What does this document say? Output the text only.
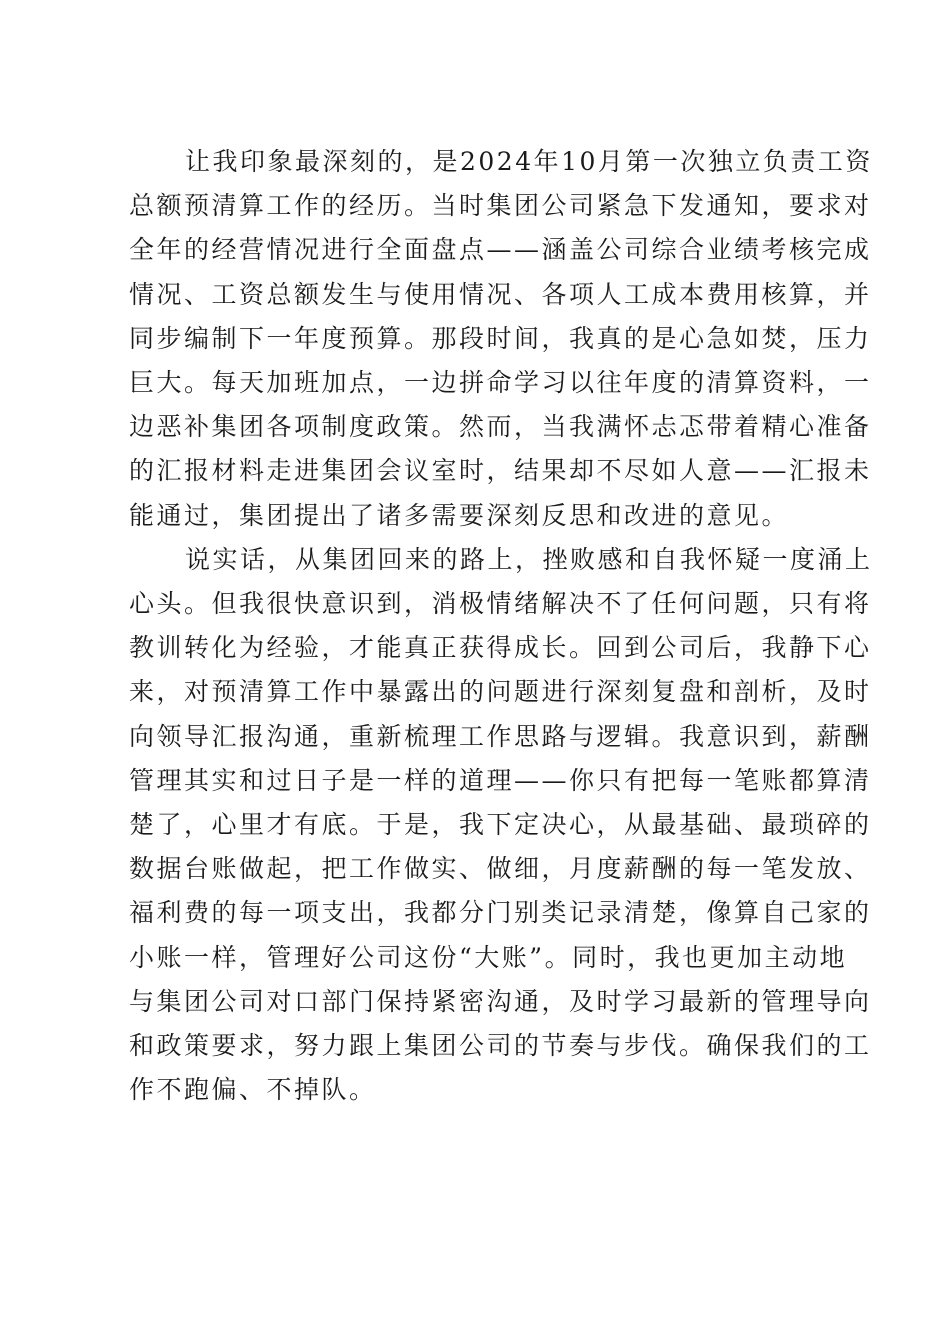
让我印象最深刻的，是2024年10月第一次独立负责工资
总额预清算工作的经历。当时集团公司紧急下发通知，要求对
全年的经营情况进行全面盘点——涵盖公司综合业绩考核完成
情况、工资总额发生与使用情况、各项人工成本费用核算，并
同步编制下一年度预算。那段时间，我真的是心急如焚，压力
巨大。每天加班加点，一边拼命学习以往年度的清算资料，一
边恶补集团各项制度政策。然而，当我满怀忐忑带着精心准备
的汇报材料走进集团会议室时，结果却不尽如人意——汇报未
能通过，集团提出了诸多需要深刻反思和改进的意见。
说实话，从集团回来的路上，挫败感和自我怀疑一度涌上
心头。但我很快意识到，消极情绪解决不了任何问题，只有将
教训转化为经验，才能真正获得成长。回到公司后，我静下心
来，对预清算工作中暴露出的问题进行深刻复盘和剖析，及时
向领导汇报沟通，重新梳理工作思路与逻辑。我意识到，薪酬
管理其实和过日子是一样的道理——你只有把每一笔账都算清
楚了，心里才有底。于是，我下定决心，从最基础、最琐碎的
数据台账做起，把工作做实、做细，月度薪酬的每一笔发放、
福利费的每一项支出，我都分门别类记录清楚，像算自己家的
小账一样，管理好公司这份“大账”。同时，我也更加主动地
与集团公司对口部门保持紧密沟通，及时学习最新的管理导向
和政策要求，努力跟上集团公司的节奏与步伐。确保我们的工
作不跑偏、不掉队。
